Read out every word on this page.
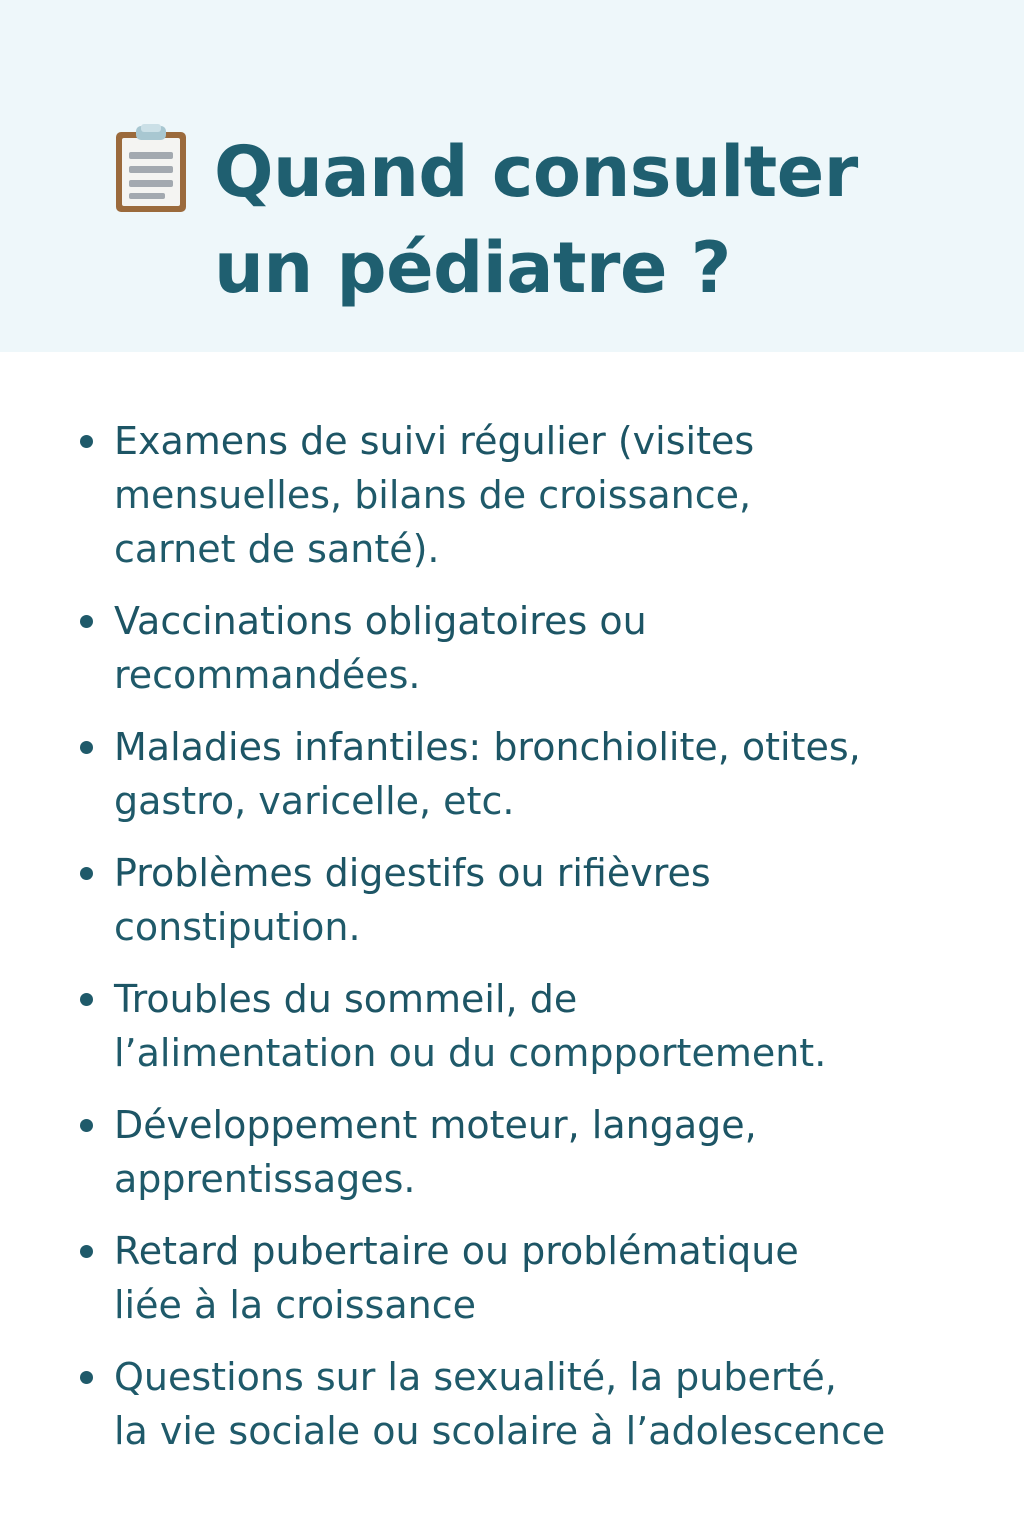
Quand consulter
un pédiatre ?
Examens de suivi régulier (visites
mensuelles, bilans de croissance,
carnet de santé).
Vaccinations obligatoires ou
recommandées.
Maladies infantiles: bronchiolite, otites,
gastro, varicelle, etc.
Problèmes digestifs ou rifièvres
constipution.
Troubles du sommeil, de
l’alimentation ou du compportement.
Développement moteur, langage,
apprentissages.
Retard pubertaire ou problématique
liée à la croissance
Questions sur la sexualité, la puberté,
la vie sociale ou scolaire à l’adolescence
